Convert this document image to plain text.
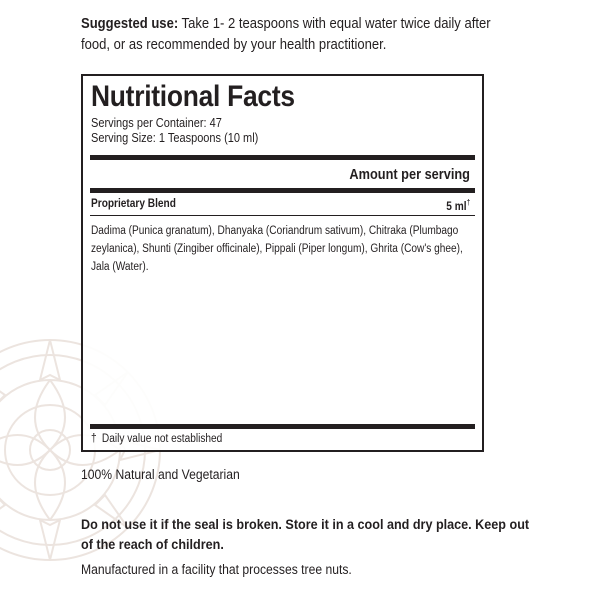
Suggested use: Take 1- 2 teaspoons with equal water twice daily after food, or as recommended by your health practitioner.
Nutritional Facts
Servings per Container: 47
Serving Size: 1 Teaspoons (10 ml)
Amount per serving
Proprietary Blend	5 ml†
Dadima (Punica granatum), Dhanyaka (Coriandrum sativum), Chitraka (Plumbago zeylanica), Shunti (Zingiber officinale), Pippali (Piper longum), Ghrita (Cow's ghee), Jala (Water).
† Daily value not established
100% Natural and Vegetarian
Do not use it if the seal is broken. Store it in a cool and dry place. Keep out of the reach of children.
Manufactured in a facility that processes tree nuts.
